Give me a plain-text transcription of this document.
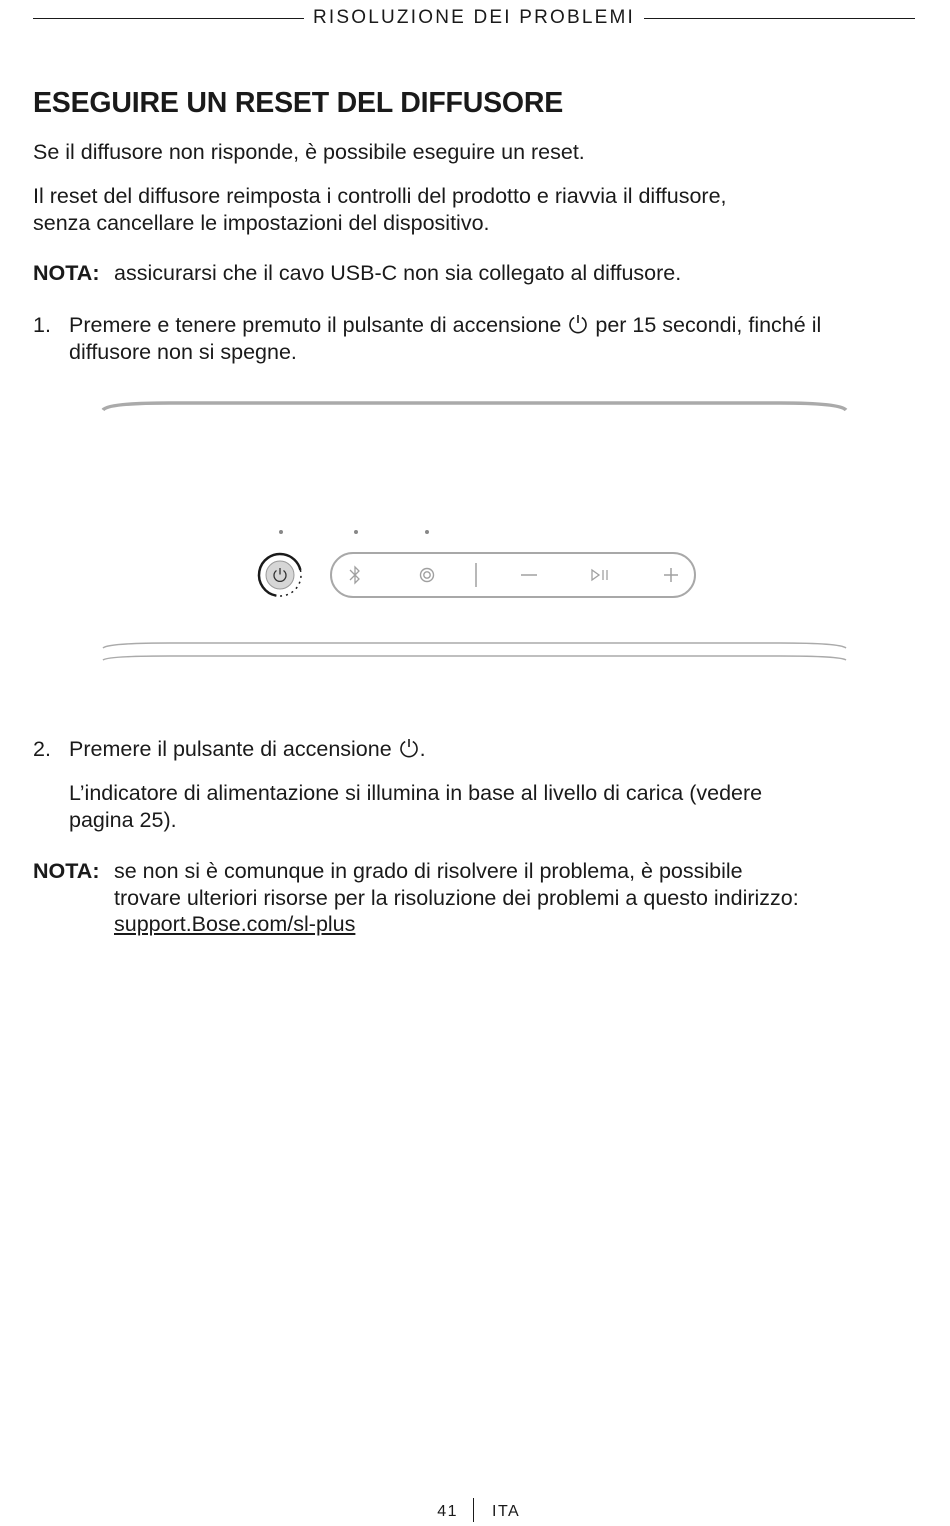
RISOLUZIONE DEI PROBLEMI
ESEGUIRE UN RESET DEL DIFFUSORE

Se il diffusore non risponde, è possibile eseguire un reset.

Il reset del diffusore reimposta i controlli del prodotto e riavvia il diffusore,

senza cancellare le impostazioni del dispositivo.

NOTA: assicurarsi che il cavo USB-C non sia collegato al diffusore.
1. Premere e tenere premuto il pulsante di accensione per 15 secondi, finché il
diffusore non si spegne.
2. Premere il pulsante di accensione .
L’indicatore di alimentazione si illumina in base al livello di carica (vedere
pagina 25).
NOTA: se non si è comunque in grado di risolvere il problema, è possibile
trovare ulteriori risorse per la risoluzione dei problemi a questo indirizzo:
support.Bose.com/sl-plus
41 ITA
